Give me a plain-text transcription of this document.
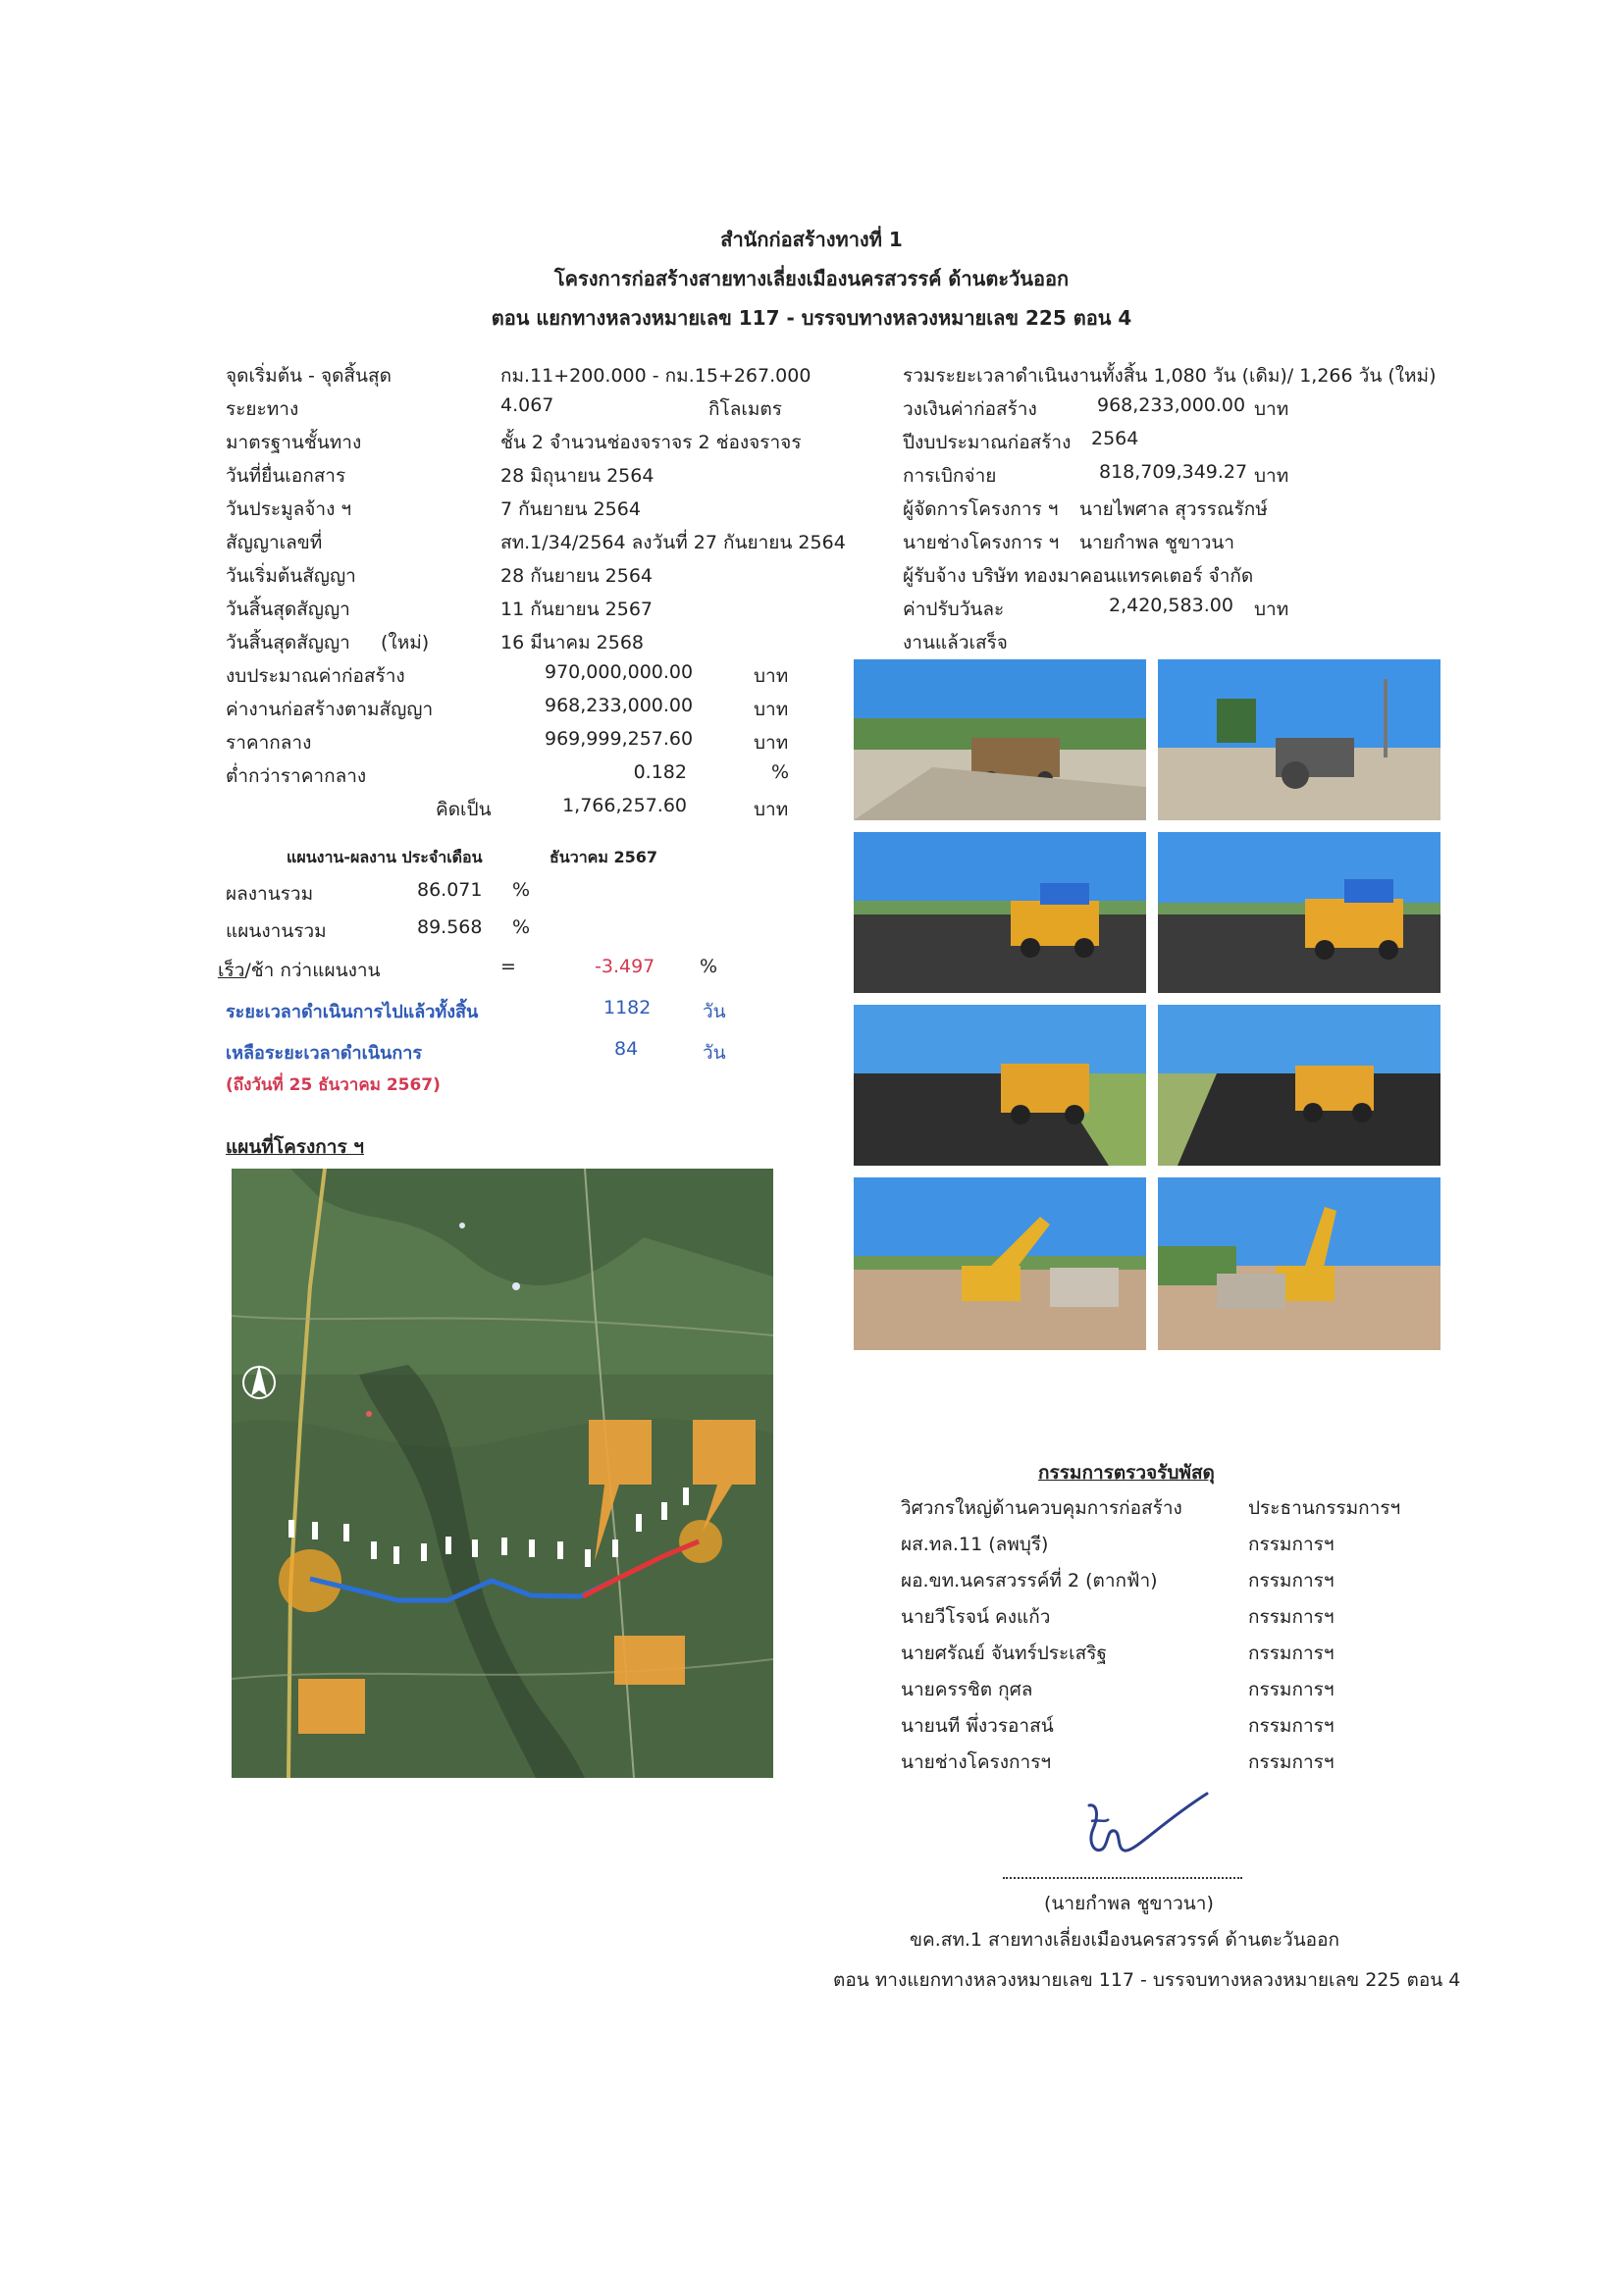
สำนักก่อสร้างทางที่ 1
โครงการก่อสร้างสายทางเลี่ยงเมืองนครสวรรค์ ด้านตะวันออก
ตอน แยกทางหลวงหมายเลข 117 - บรรจบทางหลวงหมายเลข 225 ตอน 4
จุดเริ่มต้น - จุดสิ้นสุด	กม.11+200.000 - กม.15+267.000
ระยะทาง	4.067	กิโลเมตร
มาตรฐานชั้นทาง	ชั้น 2 จำนวนช่องจราจร 2 ช่องจราจร
วันที่ยื่นเอกสาร	28 มิถุนายน 2564
วันประมูลจ้าง ฯ	7 กันยายน 2564
สัญญาเลขที่	สท.1/34/2564 ลงวันที่ 27 กันยายน 2564
วันเริ่มต้นสัญญา	28 กันยายน 2564
วันสิ้นสุดสัญญา	11 กันยายน 2567
วันสิ้นสุดสัญญา (ใหม่)	16 มีนาคม 2568
งบประมาณค่าก่อสร้าง	970,000,000.00	บาท
ค่างานก่อสร้างตามสัญญา	968,233,000.00	บาท
ราคากลาง	969,999,257.60	บาท
ต่ำกว่าราคากลาง	0.182	%
คิดเป็น	1,766,257.60	บาท
แผนงาน-ผลงาน ประจำเดือน	ธันวาคม 2567
ผลงานรวม	86.071 %
แผนงานรวม	89.568 %
เร็ว/ช้า กว่าแผนงาน	=	-3.497 %
ระยะเวลาดำเนินการไปแล้วทั้งสิ้น	1182	วัน
เหลือระยะเวลาดำเนินการ	84	วัน
(ถึงวันที่ 25 ธันวาคม 2567)
แผนที่โครงการ ฯ
รวมระยะเวลาดำเนินงานทั้งสิ้น 1,080 วัน (เดิม)/ 1,266 วัน (ใหม่)
วงเงินค่าก่อสร้าง	968,233,000.00 บาท
ปีงบประมาณก่อสร้าง 2564
การเบิกจ่าย	818,709,349.27 บาท
ผู้จัดการโครงการ ฯ นายไพศาล สุวรรณรักษ์
นายช่างโครงการ ฯ นายกำพล ชูขาวนา
ผู้รับจ้าง บริษัท ทองมาคอนแทรคเตอร์ จำกัด
ค่าปรับวันละ	2,420,583.00 บาท
งานแล้วเสร็จ
กรรมการตรวจรับพัสดุ
วิศวกรใหญ่ด้านควบคุมการก่อสร้าง	ประธานกรรมการฯ
ผส.ทล.11 (ลพบุรี)	กรรมการฯ
ผอ.ขท.นครสวรรค์ที่ 2 (ตากฟ้า)	กรรมการฯ
นายวีโรจน์ คงแก้ว	กรรมการฯ
นายศรัณย์ จันทร์ประเสริฐ	กรรมการฯ
นายครรชิต กุศล	กรรมการฯ
นายนที พึ่งวรอาสน์	กรรมการฯ
นายช่างโครงการฯ	กรรมการฯ
(นายกำพล ชูขาวนา)
ขค.สท.1 สายทางเลี่ยงเมืองนครสวรรค์ ด้านตะวันออก
ตอน ทางแยกทางหลวงหมายเลข 117 - บรรจบทางหลวงหมายเลข 225 ตอน 4
